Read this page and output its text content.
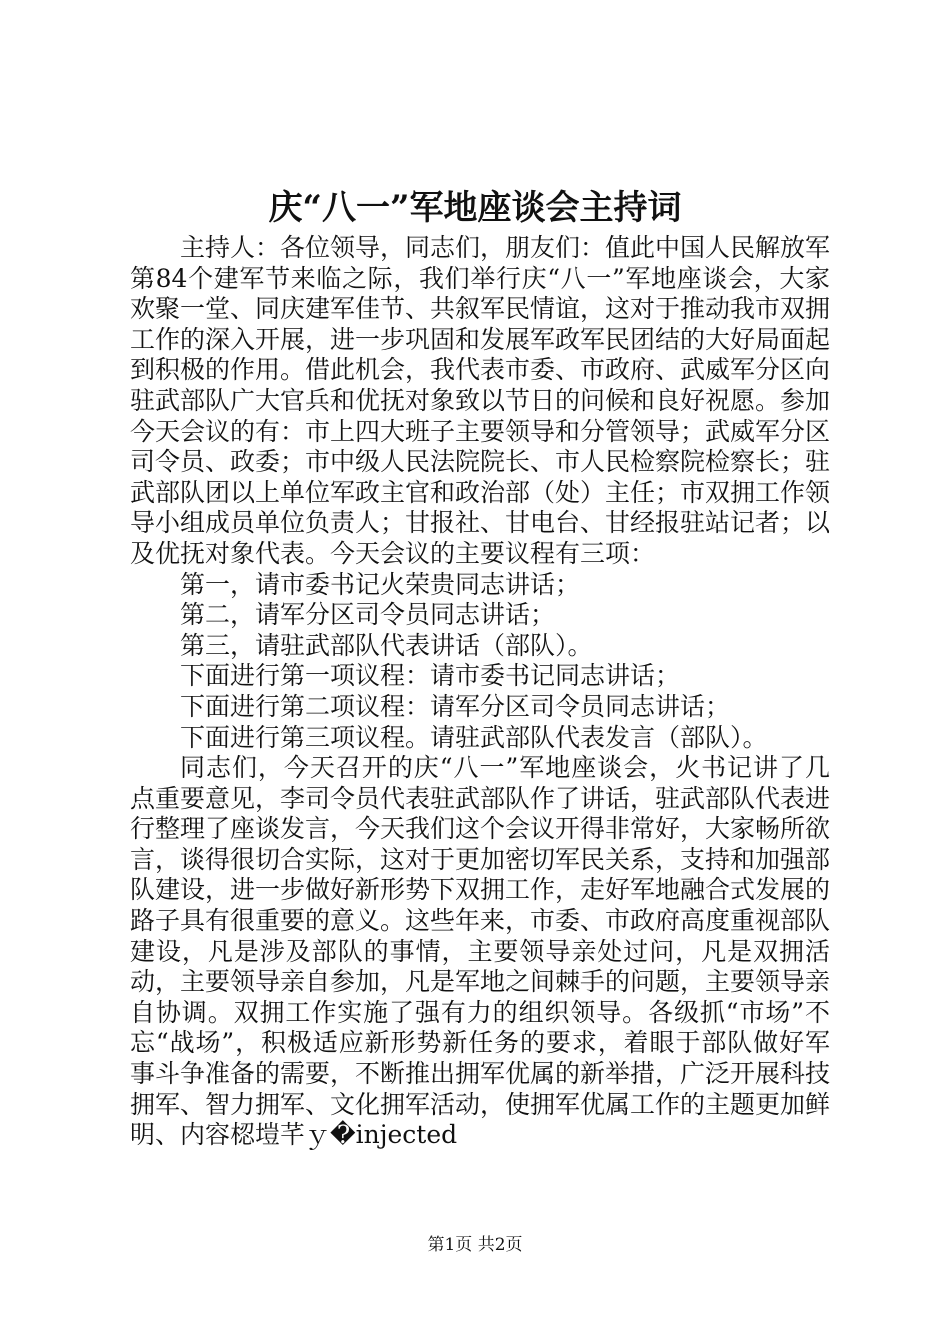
庆“八一”军地座谈会主持词

主持人：各位领导，同志们，朋友们：值此中国人民解放军第84个建军节来临之际，我们举行庆“八一”军地座谈会，大家欢聚一堂、同庆建军佳节、共叙军民情谊，这对于推动我市双拥工作的深入开展，进一步巩固和发展军政军民团结的大好局面起到积极的作用。借此机会，我代表市委、市政府、武威军分区向驻武部队广大官兵和优抚对象致以节日的问候和良好祝愿。参加今天会议的有：市上四大班子主要领导和分管领导；武威军分区司令员、政委；市中级人民法院院长、市人民检察院检察长；驻武部队团以上单位军政主官和政治部（处）主任；市双拥工作领导小组成员单位负责人；甘报社、甘电台、甘经报驻站记者；以及优抚对象代表。今天会议的主要议程有三项：

第一，请市委书记火荣贵同志讲话；

第二，请军分区司令员同志讲话；

第三，请驻武部队代表讲话（部队）。

下面进行第一项议程：请市委书记同志讲话；

下面进行第二项议程：请军分区司令员同志讲话；

下面进行第三项议程。请驻武部队代表发言（部队）。

同志们，今天召开的庆“八一”军地座谈会，火书记讲了几点重要意见，李司令员代表驻武部队作了讲话，驻武部队代表进行整理了座谈发言，今天我们这个会议开得非常好，大家畅所欲言，谈得很切合实际，这对于更加密切军民关系，支持和加强部队建设，进一步做好新形势下双拥工作，走好军地融合式发展的路子具有很重要的意义。这些年来，市委、市政府高度重视部队建设，凡是涉及部队的事情，主要领导亲处过问，凡是双拥活动，主要领导亲自参加，凡是军地之间棘手的问题，主要领导亲自协调。双拥工作实施了强有力的组织领导。各级抓“市场”不忘“战场”，积极适应新形势新任务的要求，着眼于部队做好军事斗争准备的需要，不断推出拥军优属的新举措，广泛开展科技拥军、智力拥军、文化拥军活动，使拥军优属工作的主题更加鲜明、内容梕塏芊ｙ�injected

第1页 共2页
